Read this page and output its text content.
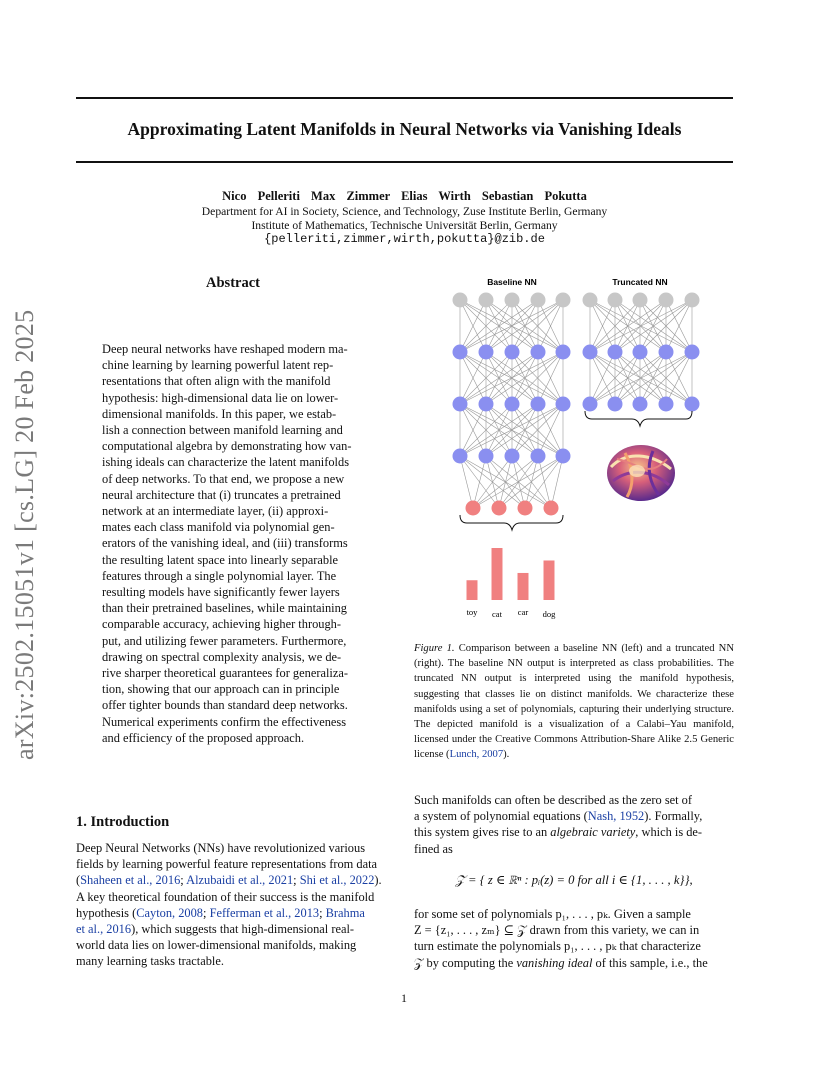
Approximating Latent Manifolds in Neural Networks via Vanishing Ideals
Nico Pelleriti Max Zimmer Elias Wirth Sebastian Pokutta
Department for AI in Society, Science, and Technology, Zuse Institute Berlin, Germany
Institute of Mathematics, Technische Universität Berlin, Germany
{pelleriti,zimmer,wirth,pokutta}@zib.de
arXiv:2502.15051v1 [cs.LG] 20 Feb 2025
Abstract
Deep neural networks have reshaped modern ma-
chine learning by learning powerful latent rep-
resentations that often align with the manifold
hypothesis: high-dimensional data lie on lower-
dimensional manifolds. In this paper, we estab-
lish a connection between manifold learning and
computational algebra by demonstrating how van-
ishing ideals can characterize the latent manifolds
of deep networks. To that end, we propose a new
neural architecture that (i) truncates a pretrained
network at an intermediate layer, (ii) approxi-
mates each class manifold via polynomial gen-
erators of the vanishing ideal, and (iii) transforms
the resulting latent space into linearly separable
features through a single polynomial layer. The
resulting models have significantly fewer layers
than their pretrained baselines, while maintaining
comparable accuracy, achieving higher through-
put, and utilizing fewer parameters. Furthermore,
drawing on spectral complexity analysis, we de-
rive sharper theoretical guarantees for generaliza-
tion, showing that our approach can in principle
offer tighter bounds than standard deep networks.
Numerical experiments confirm the effectiveness
and efficiency of the proposed approach.
Baseline NN	Truncated NN
toy cat car dog
Figure 1. Comparison between a baseline NN (left) and a truncated NN (right). The baseline NN output is interpreted as class probabilities. The truncated NN output is interpreted using the manifold hypothesis, suggesting that classes lie on distinct manifolds. We characterize these manifolds using a set of polynomials, capturing their underlying structure. The depicted manifold is a visualization of a Calabi–Yau manifold, licensed under the Creative Commons Attribution-Share Alike 2.5 Generic license (Lunch, 2007).
1. Introduction
Deep Neural Networks (NNs) have revolutionized various
fields by learning powerful feature representations from data
(Shaheen et al., 2016; Alzubaidi et al., 2021; Shi et al., 2022).
A key theoretical foundation of their success is the manifold
hypothesis (Cayton, 2008; Fefferman et al., 2013; Brahma
et al., 2016), which suggests that high-dimensional real-
world data lies on lower-dimensional manifolds, making
many learning tasks tractable.
Such manifolds can often be described as the zero set of
a system of polynomial equations (Nash, 1952). Formally,
this system gives rise to an algebraic variety, which is de-
fined as
𝒵 = { z ∈ ℝⁿ : pᵢ(z) = 0 for all i ∈ {1, . . . , k}},
for some set of polynomials p₁, . . . , pₖ. Given a sample
Z = {z₁, . . . , zₘ} ⊆ 𝒵 drawn from this variety, we can in
turn estimate the polynomials p₁, . . . , pₖ that characterize
𝒵 by computing the vanishing ideal of this sample, i.e., the
1
